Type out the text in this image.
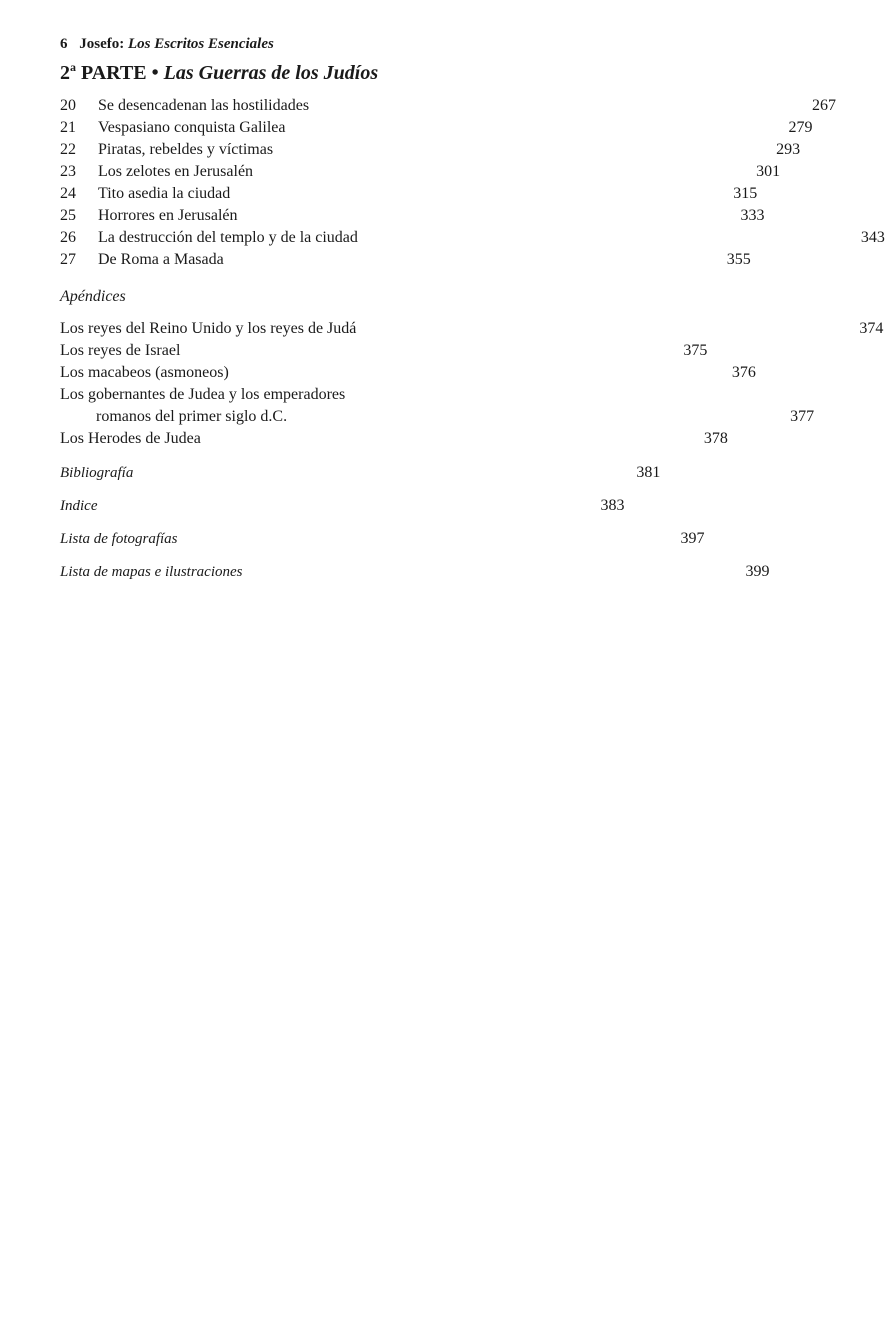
6 Josefo: Los Escritos Esenciales
2$^a$ PARTE • Las Guerras de los Judíos
20	Se desencadenan las hostilidades	267
21	Vespasiano conquista Galilea	279
22	Piratas, rebeldes y víctimas	293
23	Los zelotes en Jerusalén	301
24	Tito asedia la ciudad	315
25	Horrores en Jerusalén	333
26	La destrucción del templo y de la ciudad	343
27	De Roma a Masada	355
Apéndices
Los reyes del Reino Unido y los reyes de Judá	374
Los reyes de Israel	375
Los macabeos (asmoneos)	376
Los gobernantes de Judea y los emperadores
romanos del primer siglo d.C.	377
Los Herodes de Judea	378
Bibliografía	381
Indice	383
Lista de fotografías	397
Lista de mapas e ilustraciones	399
